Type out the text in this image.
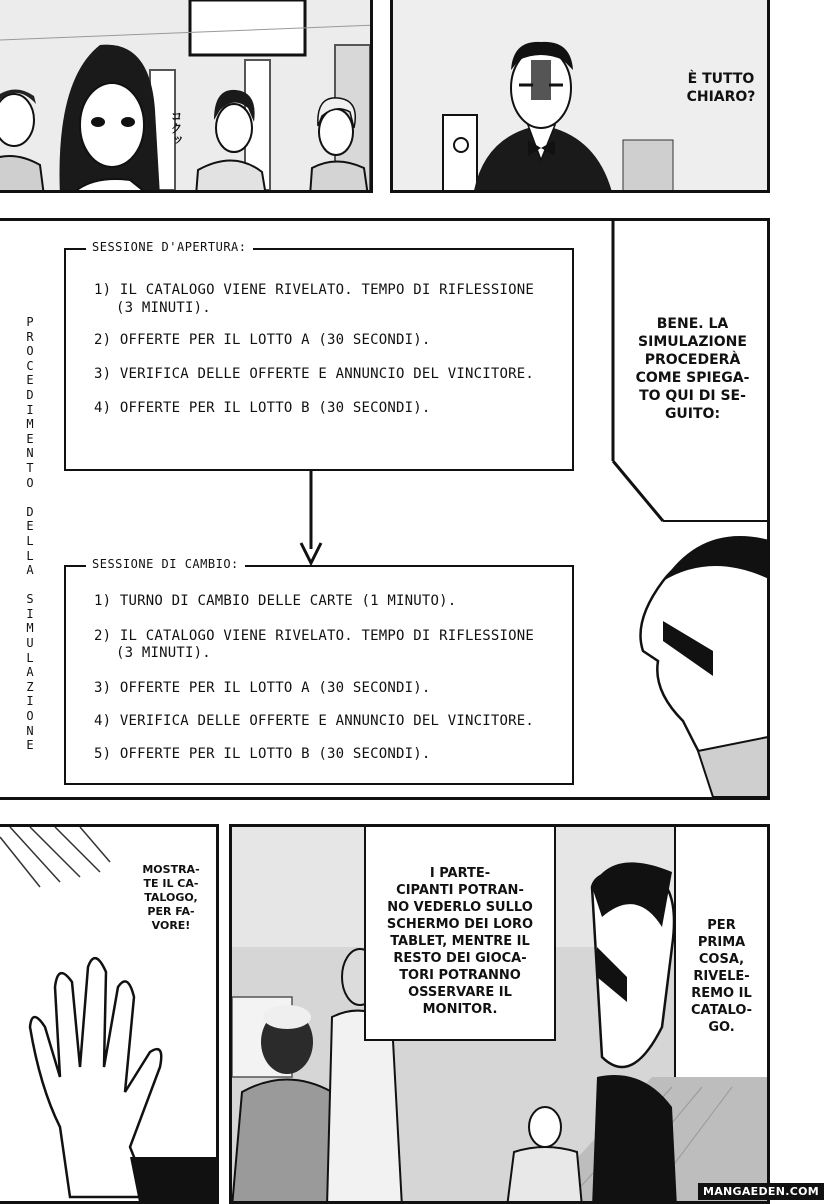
コクッ
È TUTTO
CHIARO?
P
R
O
C
E
D
I
M
E
N
T
O
D
E
L
L
A
S
I
M
U
L
A
Z
I
O
N
E
SESSIONE D'APERTURA:
1) IL CATALOGO VIENE RIVELATO. TEMPO DI RIFLESSIONE
(3 MINUTI).
2) OFFERTE PER IL LOTTO A (30 SECONDI).
3) VERIFICA DELLE OFFERTE E ANNUNCIO DEL VINCITORE.
4) OFFERTE PER IL LOTTO B (30 SECONDI).
SESSIONE DI CAMBIO:
1) TURNO DI CAMBIO DELLE CARTE (1 MINUTO).
2) IL CATALOGO VIENE RIVELATO. TEMPO DI RIFLESSIONE
(3 MINUTI).
3) OFFERTE PER IL LOTTO A (30 SECONDI).
4) VERIFICA DELLE OFFERTE E ANNUNCIO DEL VINCITORE.
5) OFFERTE PER IL LOTTO B (30 SECONDI).
BENE. LA
SIMULAZIONE
PROCEDERÀ
COME SPIEGA-
TO QUI DI SE-
GUITO:
MOSTRA-
TE IL CA-
TALOGO,
PER FA-
VORE!
I PARTE-
CIPANTI POTRAN-
NO VEDERLO SULLO
SCHERMO DEI LORO
TABLET, MENTRE IL
RESTO DEI GIOCA-
TORI POTRANNO
OSSERVARE IL
MONITOR.
PER
PRIMA
COSA,
RIVELE-
REMO IL
CATALO-
GO.
MANGAEDEN.COM
